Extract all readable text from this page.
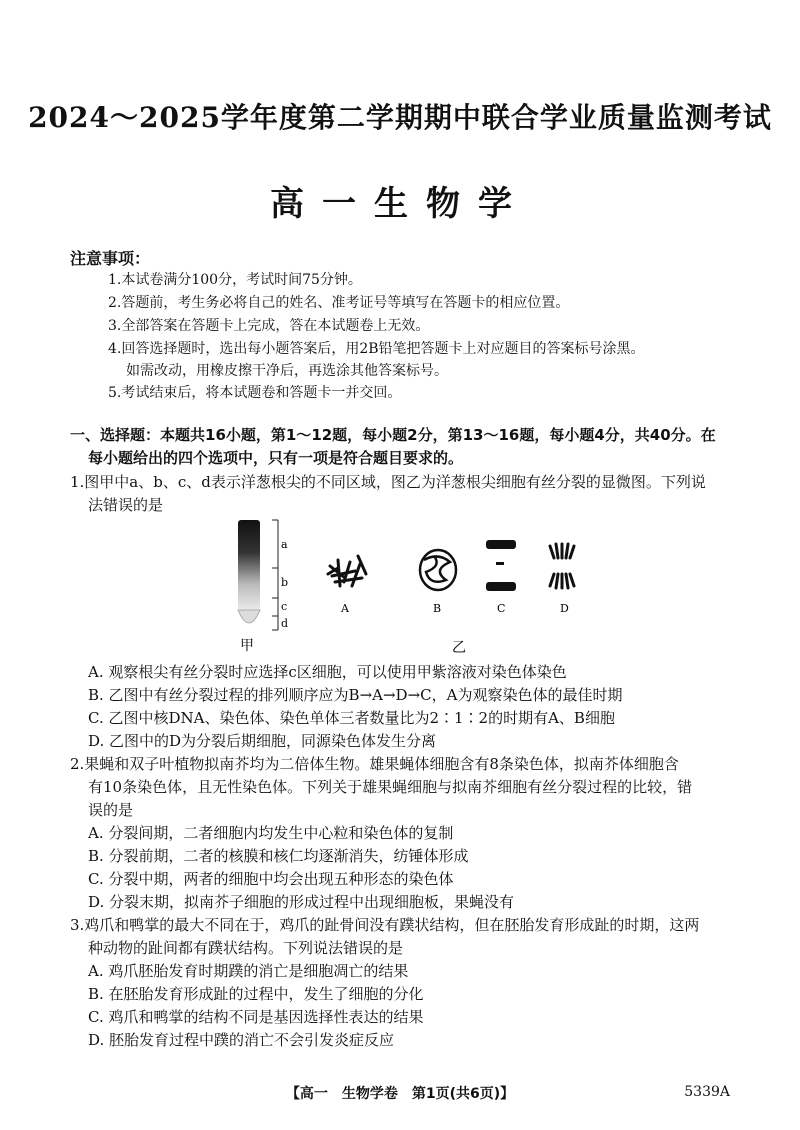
2024～2025学年度第二学期期中联合学业质量监测考试
高一生物学
注意事项：
1.本试卷满分100分，考试时间75分钟。
2.答题前，考生务必将自己的姓名、准考证号等填写在答题卡的相应位置。
3.全部答案在答题卡上完成，答在本试题卷上无效。
4.回答选择题时，选出每小题答案后，用2B铅笔把答题卡上对应题目的答案标号涂黑。
如需改动，用橡皮擦干净后，再选涂其他答案标号。
5.考试结束后，将本试题卷和答题卡一并交回。
一、选择题：本题共16小题，第1～12题，每小题2分，第13～16题，每小题4分，共40分。在
每小题给出的四个选项中，只有一项是符合题目要求的。
1.图甲中a、b、c、d表示洋葱根尖的不同区域，图乙为洋葱根尖细胞有丝分裂的显微图。下列说
法错误的是
a
b
c
d
A	B	C	D
甲	乙
A. 观察根尖有丝分裂时应选择c区细胞，可以使用甲紫溶液对染色体染色
B. 乙图中有丝分裂过程的排列顺序应为B→A→D→C，A为观察染色体的最佳时期
C. 乙图中核DNA、染色体、染色单体三者数量比为2∶1∶2的时期有A、B细胞
D. 乙图中的D为分裂后期细胞，同源染色体发生分离
2.果蝇和双子叶植物拟南芥均为二倍体生物。雄果蝇体细胞含有8条染色体，拟南芥体细胞含
有10条染色体，且无性染色体。下列关于雄果蝇细胞与拟南芥细胞有丝分裂过程的比较，错
误的是
A. 分裂间期，二者细胞内均发生中心粒和染色体的复制
B. 分裂前期，二者的核膜和核仁均逐渐消失，纺锤体形成
C. 分裂中期，两者的细胞中均会出现五种形态的染色体
D. 分裂末期，拟南芥子细胞的形成过程中出现细胞板，果蝇没有
3.鸡爪和鸭掌的最大不同在于，鸡爪的趾骨间没有蹼状结构，但在胚胎发育形成趾的时期，这两
种动物的趾间都有蹼状结构。下列说法错误的是
A. 鸡爪胚胎发育时期蹼的消亡是细胞凋亡的结果
B. 在胚胎发育形成趾的过程中，发生了细胞的分化
C. 鸡爪和鸭掌的结构不同是基因选择性表达的结果
D. 胚胎发育过程中蹼的消亡不会引发炎症反应
【高一　生物学卷　第1页(共6页)】	5339A
